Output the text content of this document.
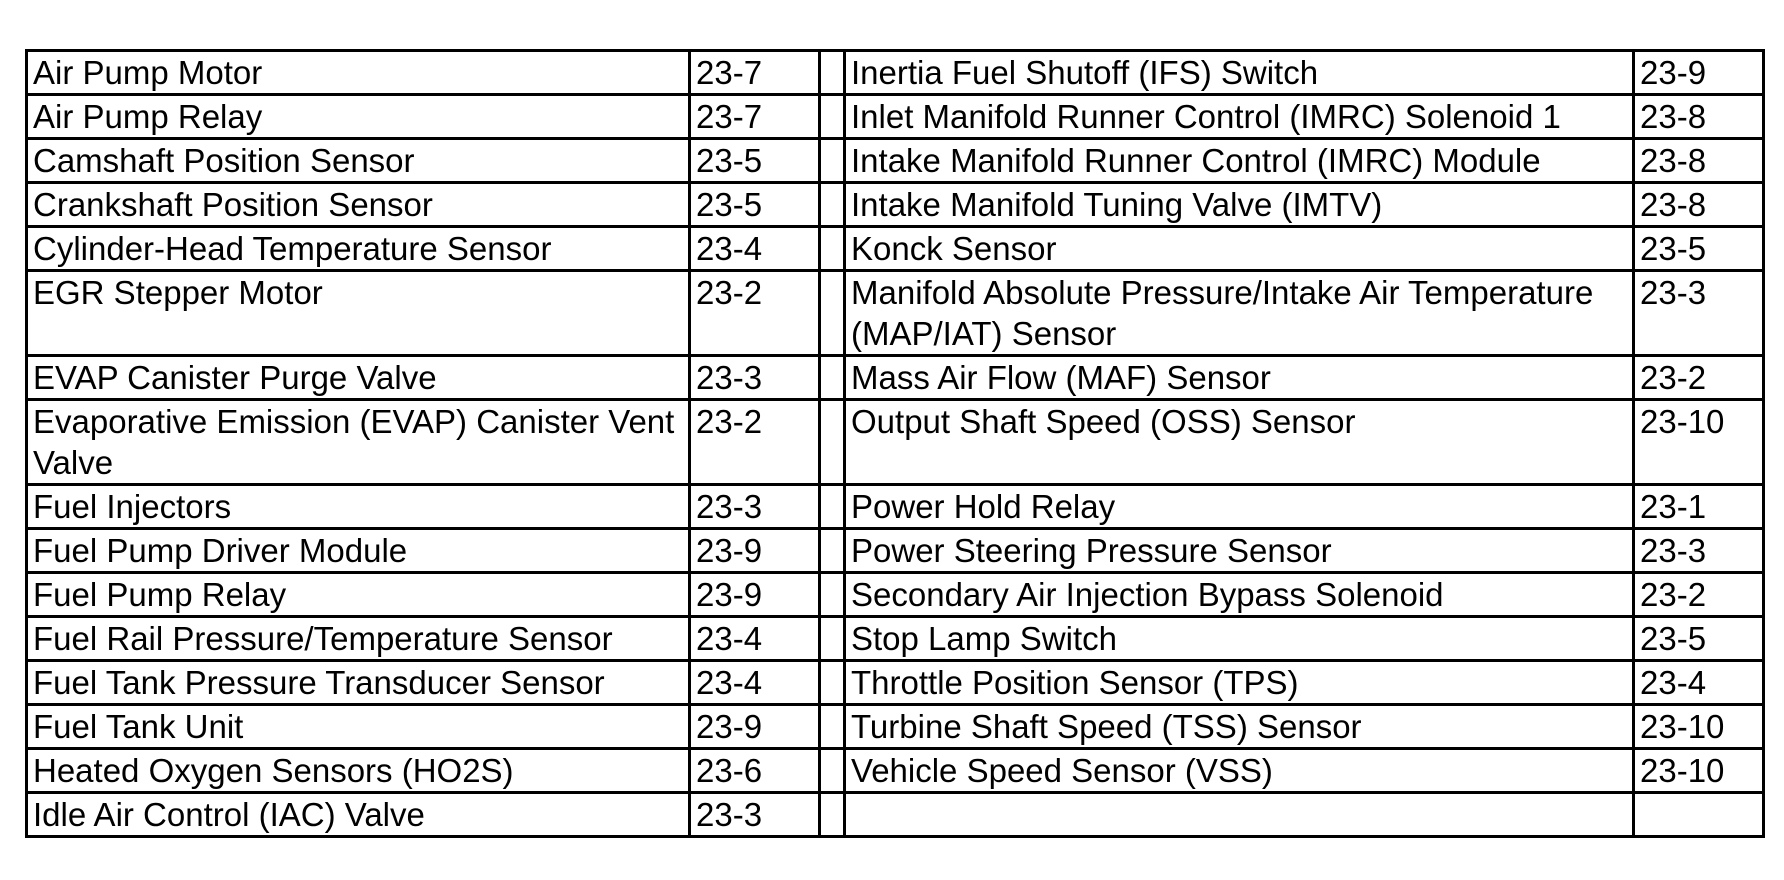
Air Pump Motor	23-7		Inertia Fuel Shutoff (IFS) Switch	23-9
Air Pump Relay	23-7		Inlet Manifold Runner Control (IMRC) Solenoid 1	23-8
Camshaft Position Sensor	23-5		Intake Manifold Runner Control (IMRC) Module	23-8
Crankshaft Position Sensor	23-5		Intake Manifold Tuning Valve (IMTV)	23-8
Cylinder-Head Temperature Sensor	23-4		Konck Sensor	23-5
EGR Stepper Motor	23-2		Manifold Absolute Pressure/Intake Air Temperature (MAP/IAT) Sensor	23-3
EVAP Canister Purge Valve	23-3		Mass Air Flow (MAF) Sensor	23-2
Evaporative Emission (EVAP) Canister Vent Valve	23-2		Output Shaft Speed (OSS) Sensor	23-10
Fuel Injectors	23-3		Power Hold Relay	23-1
Fuel Pump Driver Module	23-9		Power Steering Pressure Sensor	23-3
Fuel Pump Relay	23-9		Secondary Air Injection Bypass Solenoid	23-2
Fuel Rail Pressure/Temperature Sensor	23-4		Stop Lamp Switch	23-5
Fuel Tank Pressure Transducer Sensor	23-4		Throttle Position Sensor (TPS)	23-4
Fuel Tank Unit	23-9		Turbine Shaft Speed (TSS) Sensor	23-10
Heated Oxygen Sensors (HO2S)	23-6		Vehicle Speed Sensor (VSS)	23-10
Idle Air Control (IAC) Valve	23-3			
